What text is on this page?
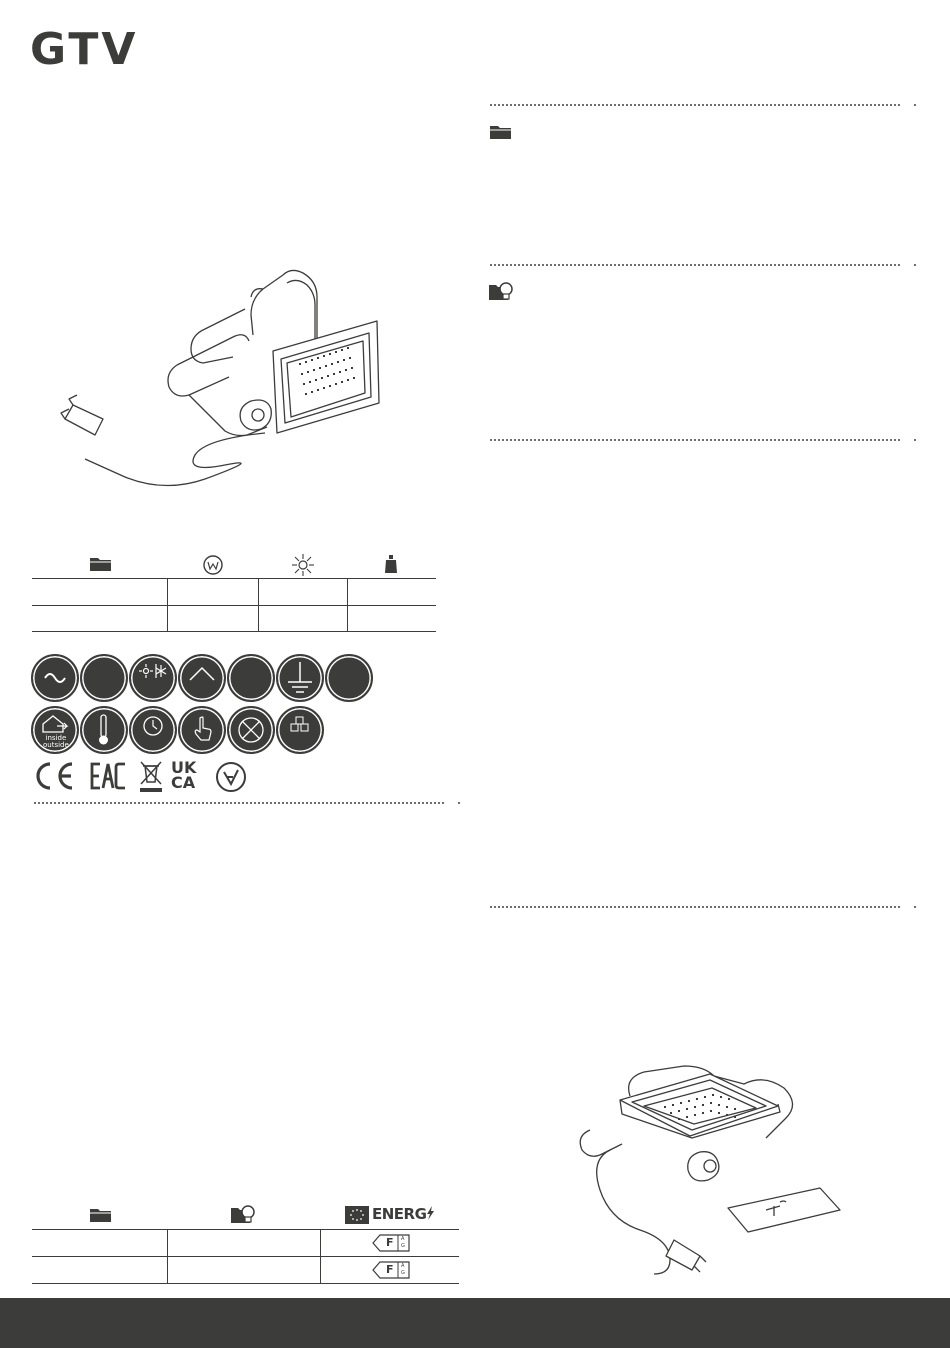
GTV
inside
outside
UK
CA
ENERG
F A
G
F A
G
